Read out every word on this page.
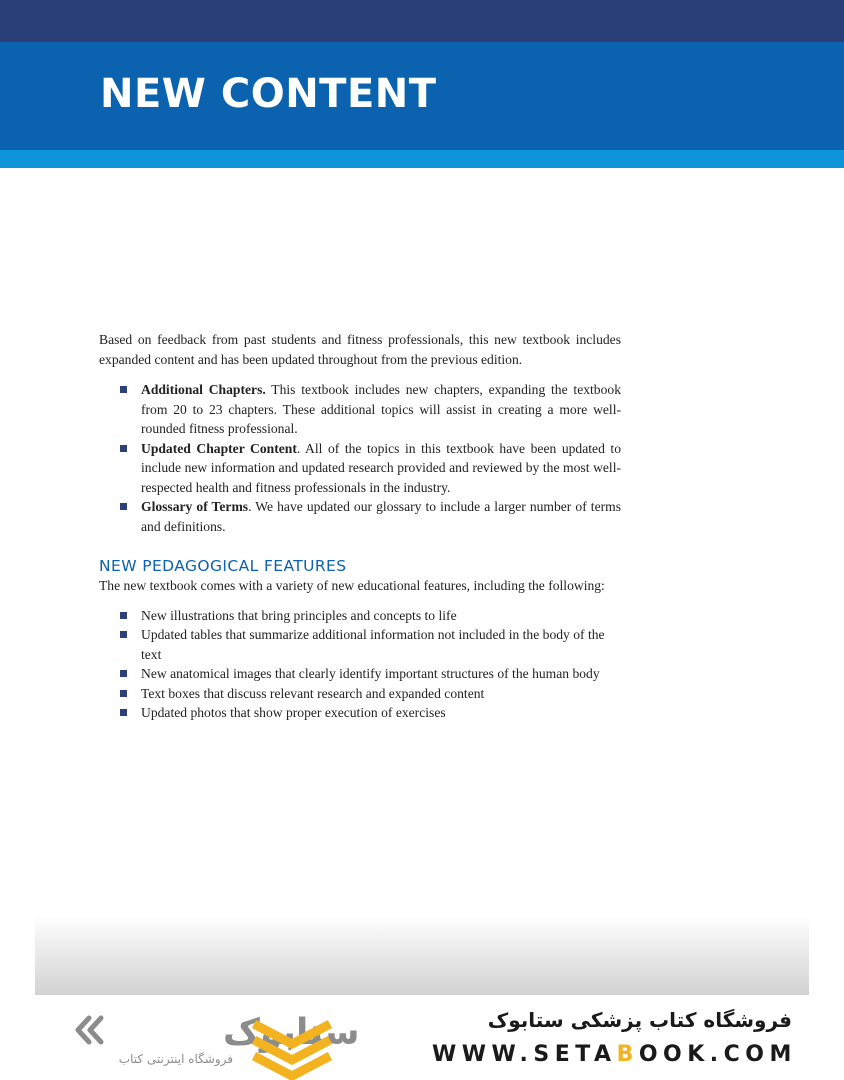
NEW CONTENT

Based on feedback from past students and fitness professionals, this new textbook includes expanded content and has been updated throughout from the previous edition.

Additional Chapters. This textbook includes new chapters, expanding the textbook from 20 to 23 chapters. These additional topics will assist in creating a more well-rounded fitness professional.
Updated Chapter Content. All of the topics in this textbook have been updated to include new information and updated research provided and reviewed by the most well-respected health and fitness professionals in the industry.
Glossary of Terms. We have updated our glossary to include a larger number of terms and definitions.
NEW PEDAGOGICAL FEATURES

The new textbook comes with a variety of new educational features, including the following:

New illustrations that bring principles and concepts to life
Updated tables that summarize additional information not included in the body of the text
New anatomical images that clearly identify important structures of the human body
Text boxes that discuss relevant research and expanded content
Updated photos that show proper execution of exercises
ستابوک
فروشگاه اینترنتی کتاب
فروشگاه کتاب پزشکی ستابوک
WWW.SETABOOK.COM
